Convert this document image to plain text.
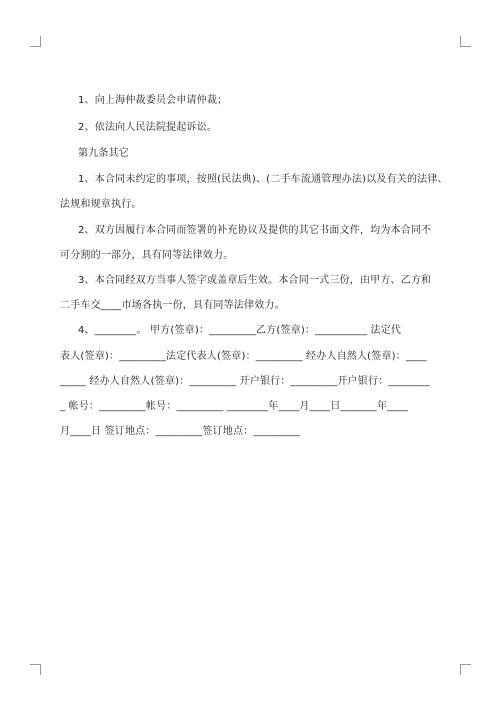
1、向上海仲裁委员会申请仲裁；
2、依法向人民法院提起诉讼。
第九条其它
1、本合同未约定的事项，按照(民法典)、(二手车流通管理办法)以及有关的法律、
法规和规章执行。
2、双方因履行本合同而签署的补充协议及提供的其它书面文件，均为本合同不
可分割的一部分，具有同等法律效力。
3、本合同经双方当事人签字或盖章后生效。本合同一式三份，由甲方、乙方和
二手车交____市场各执一份，具有同等法律效力。
4、________。 甲方(签章)：_________乙方(签章)：__________ 法定代
表人(签章)：_________法定代表人(签章)：_________ 经办人自然人(签章)：____
_____ 经办人自然人(签章)：_________ 开户银行：_________开户银行：________
_ 帐号：_________帐号：_________ ________年____月____日_______年____
月____日 签订地点：_________签订地点：_________
